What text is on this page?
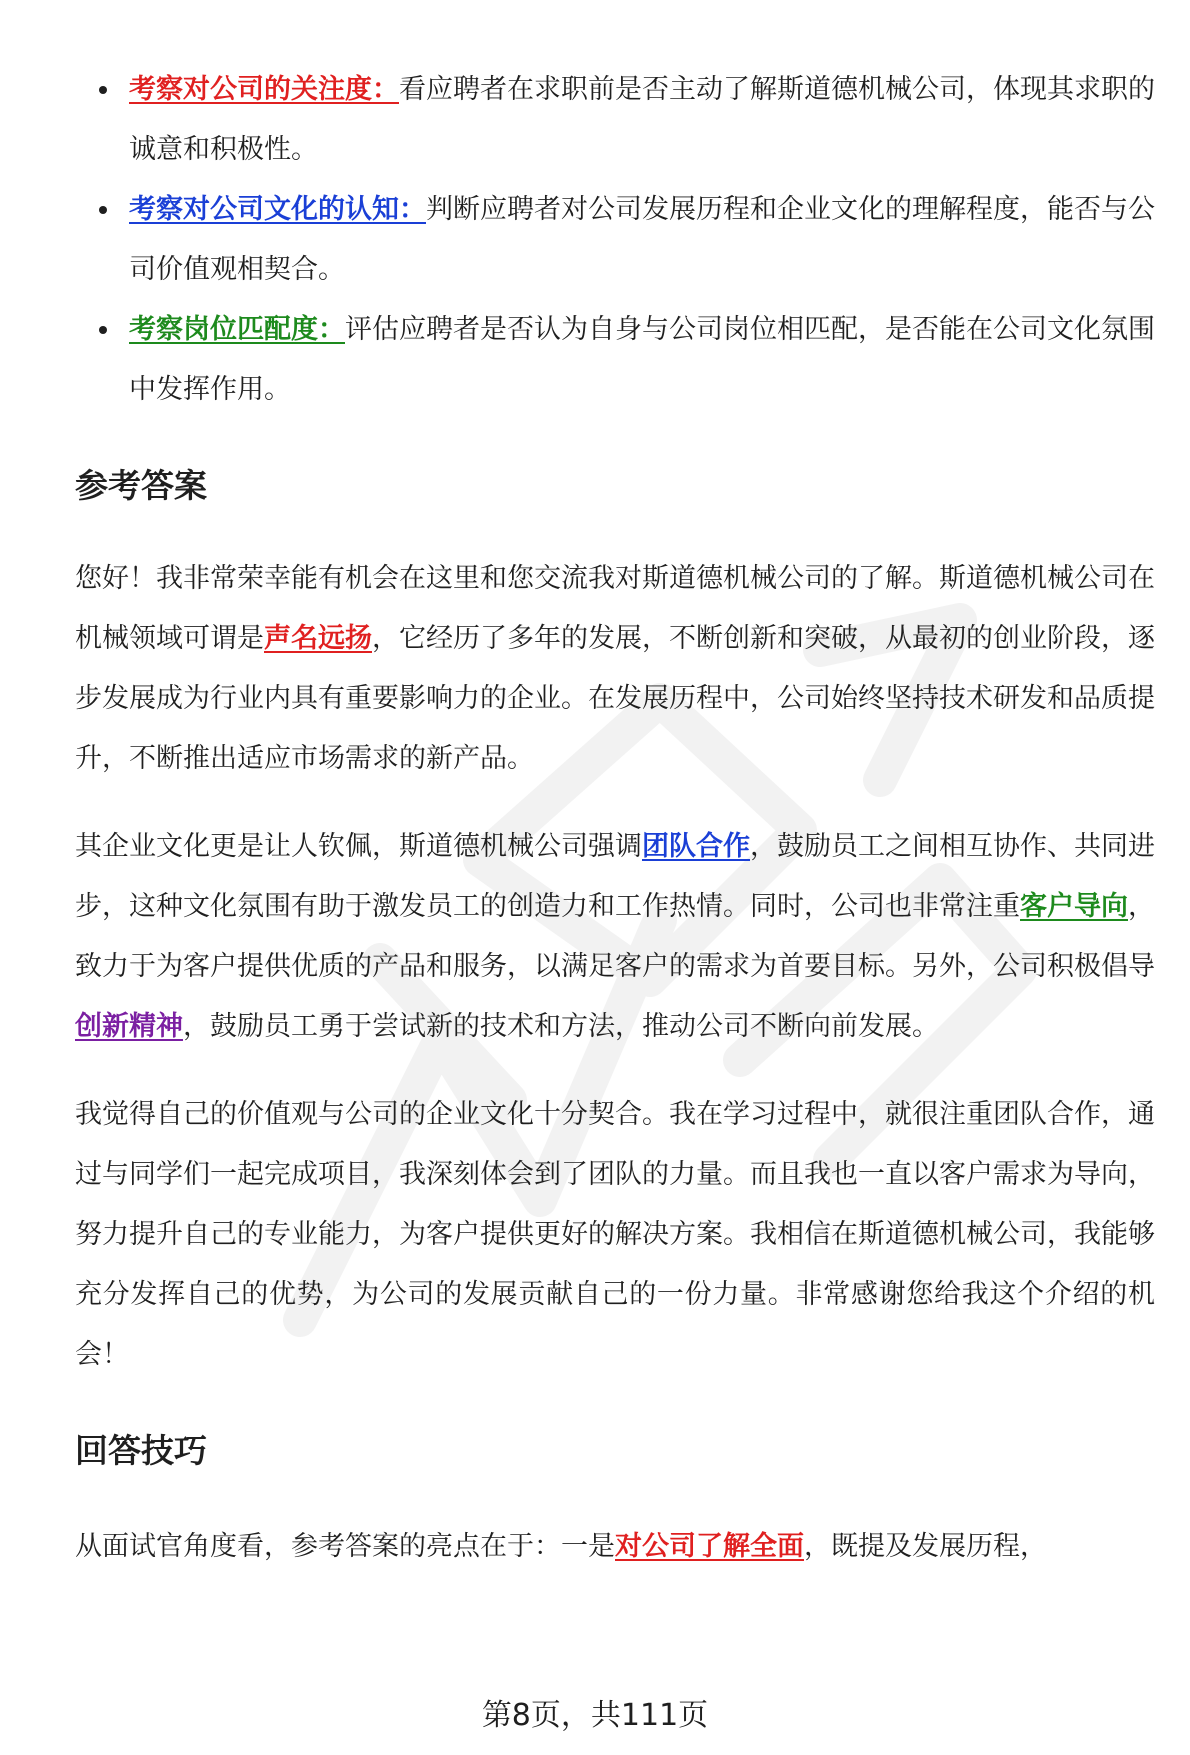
考察对公司的关注度：看应聘者在求职前是否主动了解斯道德机械公司，体现其求职的诚意和积极性。
考察对公司文化的认知：判断应聘者对公司发展历程和企业文化的理解程度，能否与公司价值观相契合。
考察岗位匹配度：评估应聘者是否认为自身与公司岗位相匹配，是否能在公司文化氛围中发挥作用。
参考答案

您好！我非常荣幸能有机会在这里和您交流我对斯道德机械公司的了解。斯道德机械公司在机械领域可谓是声名远扬，它经历了多年的发展，不断创新和突破，从最初的创业阶段，逐步发展成为行业内具有重要影响力的企业。在发展历程中，公司始终坚持技术研发和品质提升，不断推出适应市场需求的新产品。

其企业文化更是让人钦佩，斯道德机械公司强调团队合作，鼓励员工之间相互协作、共同进步，这种文化氛围有助于激发员工的创造力和工作热情。同时，公司也非常注重客户导向，致力于为客户提供优质的产品和服务，以满足客户的需求为首要目标。另外，公司积极倡导创新精神，鼓励员工勇于尝试新的技术和方法，推动公司不断向前发展。

我觉得自己的价值观与公司的企业文化十分契合。我在学习过程中，就很注重团队合作，通过与同学们一起完成项目，我深刻体会到了团队的力量。而且我也一直以客户需求为导向，努力提升自己的专业能力，为客户提供更好的解决方案。我相信在斯道德机械公司，我能够充分发挥自己的优势，为公司的发展贡献自己的一份力量。非常感谢您给我这个介绍的机会！

回答技巧

从面试官角度看，参考答案的亮点在于：一是对公司了解全面，既提及发展历程，

第8页，共111页
